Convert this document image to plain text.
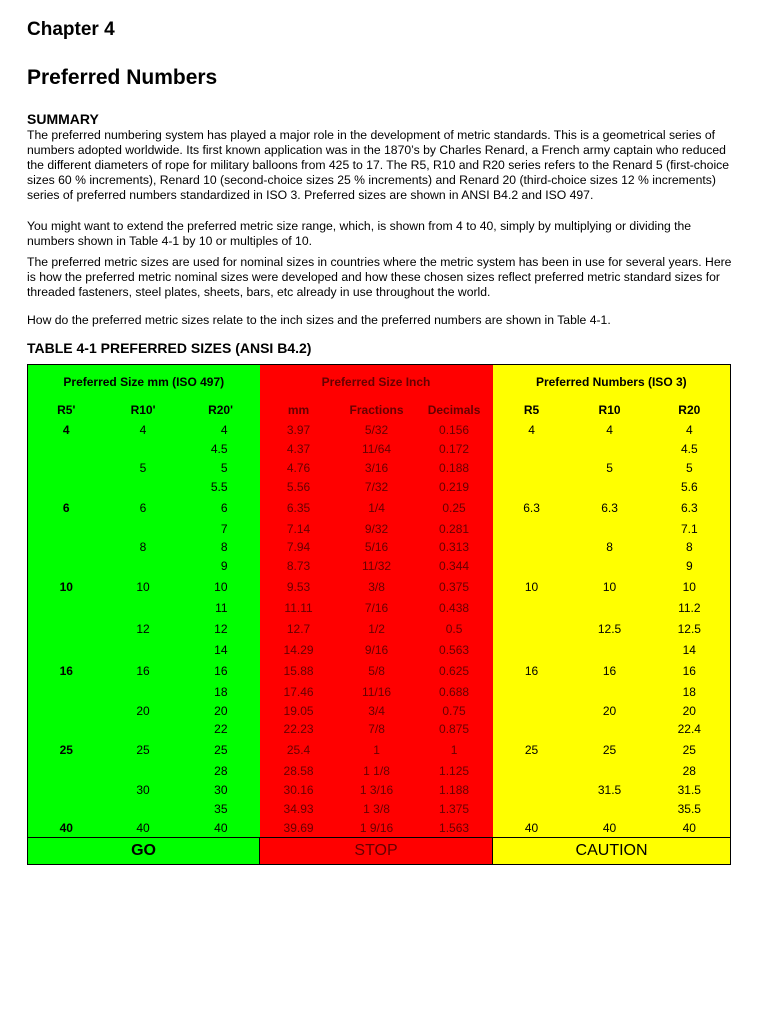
Chapter 4
Preferred Numbers

SUMMARY

The preferred numbering system has played a major role in the development of metric standards. This is a geometrical series of numbers adopted worldwide. Its first known application was in the 1870’s by Charles Renard, a French army captain who reduced the different diameters of rope for military balloons from 425 to 17. The R5, R10 and R20 series refers to the Renard 5 (first-choice sizes 60 % increments), Renard 10 (second-choice sizes 25 % increments) and Renard 20 (third-choice sizes 12 % increments) series of preferred numbers standardized in ISO 3. Preferred sizes are shown in ANSI B4.2 and ISO 497.

You might want to extend the preferred metric size range, which, is shown from 4 to 40, simply by multiplying or dividing the numbers shown in Table 4-1 by 10 or multiples of 10.

The preferred metric sizes are used for nominal sizes in countries where the metric system has been in use for several years. Here is how the preferred metric nominal sizes were developed and how these chosen sizes reflect preferred metric standard sizes for threaded fasteners, steel plates, sheets, bars, etc already in use throughout the world.

How do the preferred metric sizes relate to the inch sizes and the preferred numbers are shown in Table 4-1.

TABLE 4-1 PREFERRED SIZES (ANSI B4.2)

Preferred Size mm (ISO 497)			Preferred Size Inch			Preferred Numbers (ISO 3)		
R5'	R10'	R20'	mm	Fractions	Decimals	R5	R10	R20
4	4	4	3.97	5/32	0.156	4	4	4
		4.5	4.37	11/64	0.172			4.5
	5	5	4.76	3/16	0.188		5	5
		5.5	5.56	7/32	0.219			5.6
6	6	6	6.35	1/4	0.25	6.3	6.3	6.3
		7	7.14	9/32	0.281			7.1
	8	8	7.94	5/16	0.313		8	8
		9	8.73	11/32	0.344			9
10	10	10	9.53	3/8	0.375	10	10	10
		11	11.11	7/16	0.438			11.2
	12	12	12.7	1/2	0.5		12.5	12.5
		14	14.29	9/16	0.563			14
16	16	16	15.88	5/8	0.625	16	16	16
		18	17.46	11/16	0.688			18
	20	20	19.05	3/4	0.75		20	20
		22	22.23	7/8	0.875			22.4
25	25	25	25.4	1	1	25	25	25
		28	28.58	1 1/8	1.125			28
	30	30	30.16	1 3/16	1.188		31.5	31.5
		35	34.93	1 3/8	1.375			35.5
40	40	40	39.69	1 9/16	1.563	40	40	40
GO			STOP			CAUTION		
